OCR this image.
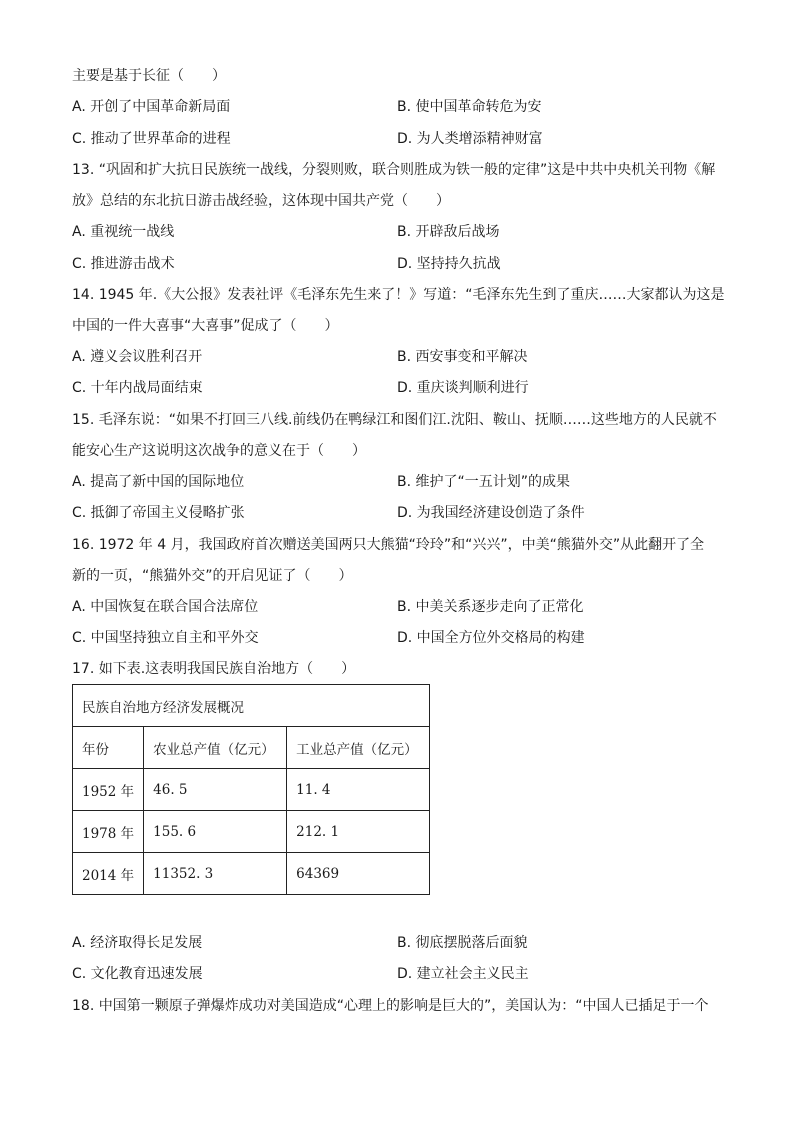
主要是基于长征（　　）
A. 开创了中国革命新局面	B. 使中国革命转危为安
C. 推动了世界革命的进程	D. 为人类增添精神财富
13. “巩固和扩大抗日民族统一战线，分裂则败，联合则胜成为铁一般的定律”这是中共中央机关刊物《解
放》总结的东北抗日游击战经验，这体现中国共产党（　　）
A. 重视统一战线	B. 开辟敌后战场
C. 推进游击战术	D. 坚持持久抗战
14. 1945 年.《大公报》发表社评《毛泽东先生来了！》写道：“毛泽东先生到了重庆……大家都认为这是
中国的一件大喜事“大喜事”促成了（　　）
A. 遵义会议胜利召开	B. 西安事变和平解决
C. 十年内战局面结束	D. 重庆谈判顺利进行
15. 毛泽东说：“如果不打回三八线.前线仍在鸭绿江和图们江.沈阳、鞍山、抚顺……这些地方的人民就不
能安心生产这说明这次战争的意义在于（　　）
A. 提高了新中国的国际地位	B. 维护了“一五计划”的成果
C. 抵御了帝国主义侵略扩张	D. 为我国经济建设创造了条件
16. 1972 年 4 月，我国政府首次赠送美国两只大熊猫“玲玲”和“兴兴”，中美“熊猫外交”从此翻开了全
新的一页，“熊猫外交”的开启见证了（　　）
A. 中国恢复在联合国合法席位	B. 中美关系逐步走向了正常化
C. 中国坚持独立自主和平外交	D. 中国全方位外交格局的构建
17. 如下表.这表明我国民族自治地方（　　）
民族自治地方经济发展概况		
年份	农业总产值（亿元）	工业总产值（亿元）
1952 年	46. 5	11. 4
1978 年	155. 6	212. 1
2014 年	11352. 3	64369
A. 经济取得长足发展	B. 彻底摆脱落后面貌
C. 文化教育迅速发展	D. 建立社会主义民主
18. 中国第一颗原子弹爆炸成功对美国造成“心理上的影响是巨大的”，美国认为：“中国人已插足于一个
